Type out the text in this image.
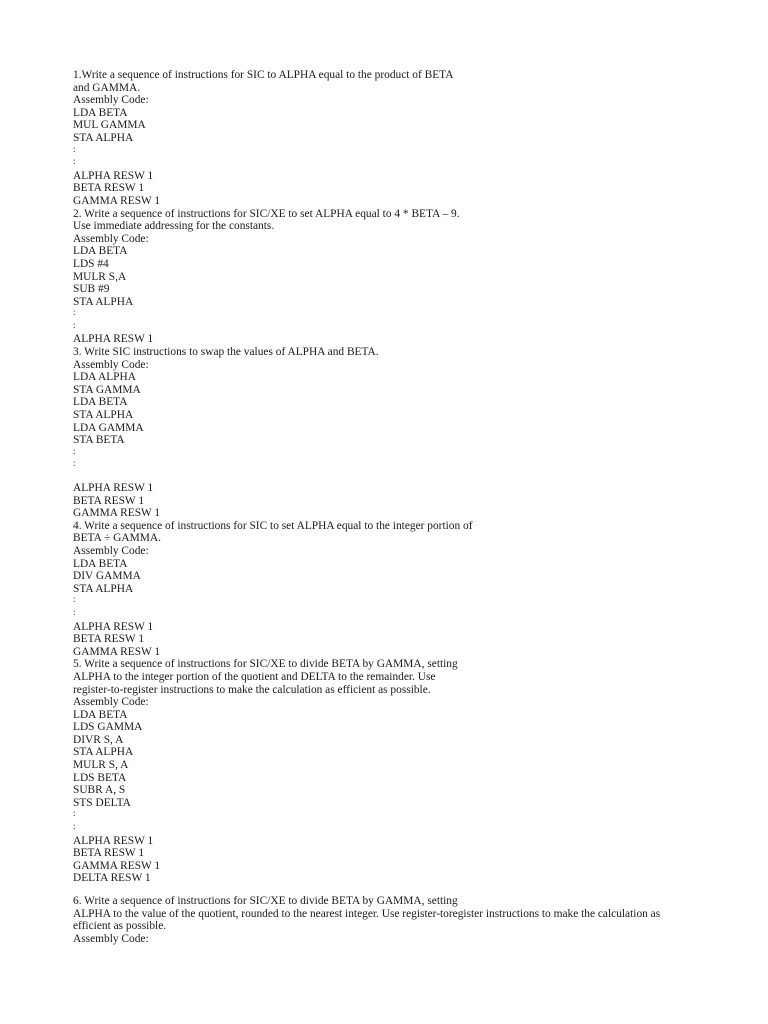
1.Write a sequence of instructions for SIC to ALPHA equal to the product of BETA
and GAMMA.
Assembly Code:
LDA BETA
MUL GAMMA
STA ALPHA
:
:
ALPHA RESW 1
BETA RESW 1
GAMMA RESW 1
2. Write a sequence of instructions for SIC/XE to set ALPHA equal to 4 * BETA – 9.
Use immediate addressing for the constants.
Assembly Code:
LDA BETA
LDS #4
MULR S,A
SUB #9
STA ALPHA
:
:
ALPHA RESW 1
3. Write SIC instructions to swap the values of ALPHA and BETA.
Assembly Code:
LDA ALPHA
STA GAMMA
LDA BETA
STA ALPHA
LDA GAMMA
STA BETA
:
:
ALPHA RESW 1
BETA RESW 1
GAMMA RESW 1
4. Write a sequence of instructions for SIC to set ALPHA equal to the integer portion of
BETA ÷ GAMMA.
Assembly Code:
LDA BETA
DIV GAMMA
STA ALPHA
:
:
ALPHA RESW 1
BETA RESW 1
GAMMA RESW 1
5. Write a sequence of instructions for SIC/XE to divide BETA by GAMMA, setting
ALPHA to the integer portion of the quotient and DELTA to the remainder. Use
register-to-register instructions to make the calculation as efficient as possible.
Assembly Code:
LDA BETA
LDS GAMMA
DIVR S, A
STA ALPHA
MULR S, A
LDS BETA
SUBR A, S
STS DELTA
:
:
ALPHA RESW 1
BETA RESW 1
GAMMA RESW 1
DELTA RESW 1
6. Write a sequence of instructions for SIC/XE to divide BETA by GAMMA, setting
ALPHA to the value of the quotient, rounded to the nearest integer. Use register-toregister instructions to make the calculation as
efficient as possible.
Assembly Code:
